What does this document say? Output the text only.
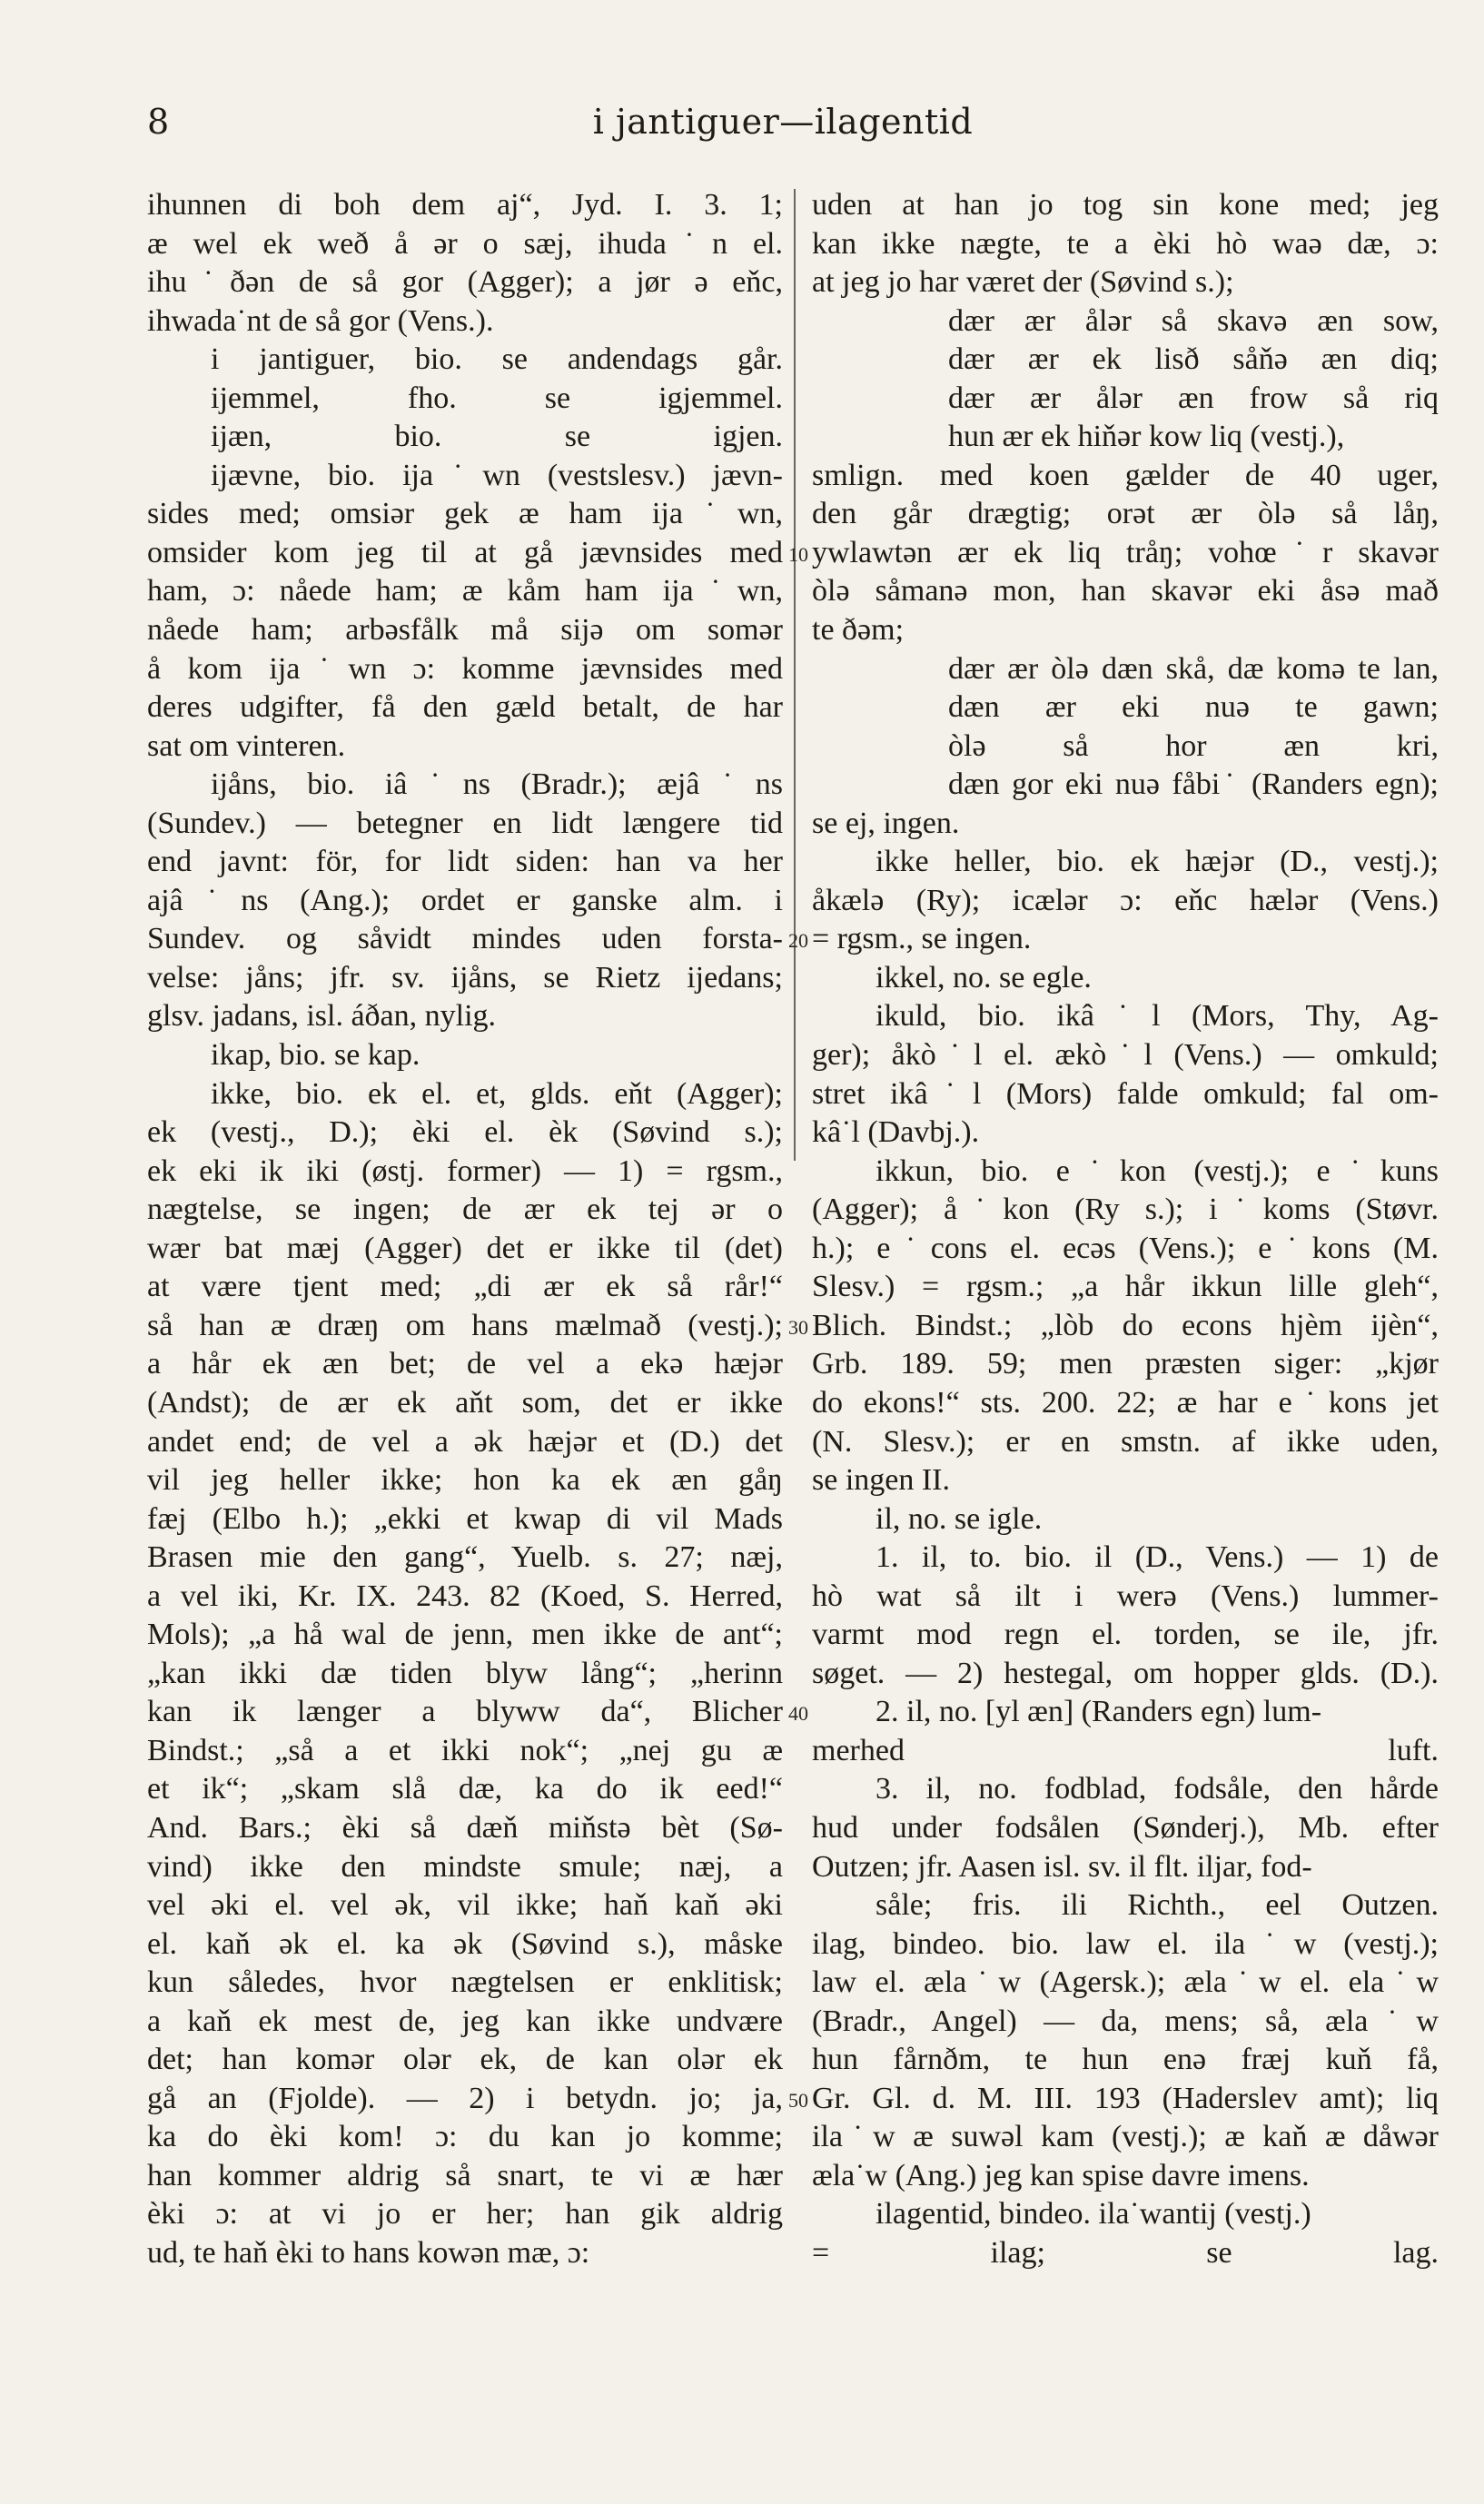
8	i jantiguer—ilagentid
ihunnen di boh dem aj“, Jyd. I. 3. 1;
æ wel ek weð å ər o sæj, ihuda˙n el.
ihu˙ðən de så gor (Agger); a jør ə eňc,
ihwada˙nt de så gor (Vens.).
i jantiguer, bio. se andendags går.
ijemmel, fho. se igjemmel.
ijæn, bio. se igjen.
ijævne, bio. ija˙wn (vestslesv.) jævn-
sides med; omsiər gek æ ham ija˙wn,
omsider kom jeg til at gå jævnsides med
ham, ɔ: nåede ham; æ kåm ham ija˙wn,
nåede ham; arbəsfålk må sijə om somər
å kom ija˙wn ɔ: komme jævnsides med
deres udgifter, få den gæld betalt, de har
sat om vinteren.
ijåns, bio. iâ˙ns (Bradr.); æjâ˙ns
(Sundev.) — betegner en lidt længere tid
end javnt: för, for lidt siden: han va her
ajâ˙ns (Ang.); ordet er ganske alm. i
Sundev. og såvidt mindes uden forsta-
velse: jåns; jfr. sv. ijåns, se Rietz ijedans;
glsv. jadans, isl. áðan, nylig.
ikap, bio. se kap.
ikke, bio. ek el. et, glds. eňt (Agger);
ek (vestj., D.); èki el. èk (Søvind s.);
ek eki ik iki (østj. former) — 1) = rgsm.,
nægtelse, se ingen; de ær ek tej ər o
wær bat mæj (Agger) det er ikke til (det)
at være tjent med; „di ær ek så rår!“
så han æ dræŋ om hans mælmað (vestj.);
a hår ek æn bet; de vel a ekə hæjər
(Andst); de ær ek aňt som, det er ikke
andet end; de vel a ək hæjər et (D.) det
vil jeg heller ikke; hon ka ek æn gåŋ
fæj (Elbo h.); „ekki et kwap di vil Mads
Brasen mie den gang“, Yuelb. s. 27; næj,
a vel iki, Kr. IX. 243. 82 (Koed, S. Herred,
Mols); „a hå wal de jenn, men ikke de ant“;
„kan ikki dæ tiden blyw lång“; „herinn
kan ik længer a blyww da“, Blicher
Bindst.; „så a et ikki nok“; „nej gu æ
et ik“; „skam slå dæ, ka do ik eed!“
And. Bars.; èki så dæň miňstə bèt (Sø-
vind) ikke den mindste smule; næj, a
vel əki el. vel ək, vil ikke; haň kaň əki
el. kaň ək el. ka ək (Søvind s.), måske
kun således, hvor nægtelsen er enklitisk;
a kaň ek mest de, jeg kan ikke undvære
det; han komər olər ek, de kan olər ek
gå an (Fjolde). — 2) i betydn. jo; ja,
ka do èki kom! ɔ: du kan jo komme;
han kommer aldrig så snart, te vi æ hær
èki ɔ: at vi jo er her; han gik aldrig
ud, te haň èki to hans kowən mæ, ɔ:
uden at han jo tog sin kone med; jeg
kan ikke nægte, te a èki hò waə dæ, ɔ:
at jeg jo har været der (Søvind s.);
dær ær ålər så skavə æn sow,
dær ær ek lisð såňə æn diq;
dær ær ålər æn frow så riq
hun ær ek hiňər kow liq (vestj.),
smlign. med koen gælder de 40 uger,
den går drægtig; orət ær òlə så låŋ,
ywlawtən ær ek liq tråŋ; vohœ˙r skavər
òlə såmanə mon, han skavər eki åsə mað
te ðəm;
dær ær òlə dæn skå, dæ komə te lan,
dæn ær eki nuə te gawn;
òlə så hor æn kri,
dæn gor eki nuə fåbi˙ (Randers egn);
se ej, ingen.
ikke heller, bio. ek hæjər (D., vestj.);
åkælə (Ry); icælər ɔ: eňc hælər (Vens.)
= rgsm., se ingen.
ikkel, no. se egle.
ikuld, bio. ikâ˙l (Mors, Thy, Ag-
ger); åkò˙l el. ækò˙l (Vens.) — omkuld;
stret ikâ˙l (Mors) falde omkuld; fal om-
kâ˙l (Davbj.).
ikkun, bio. e˙kon (vestj.); e˙kuns
(Agger); å˙kon (Ry s.); i˙koms (Støvr.
h.); e˙cons el. ecəs (Vens.); e˙kons (M.
Slesv.) = rgsm.; „a hår ikkun lille gleh“,
Blich. Bindst.; „lòb do econs hjèm ijèn“,
Grb. 189. 59; men præsten siger: „kjør
do ekons!“ sts. 200. 22; æ har e˙kons jet
(N. Slesv.); er en smstn. af ikke uden,
se ingen II.
il, no. se igle.
1. il, to. bio. il (D., Vens.) — 1) de
hò wat så ilt i werə (Vens.) lummer-
varmt mod regn el. torden, se ile, jfr.
søget. — 2) hestegal, om hopper glds. (D.).
2. il, no. [yl æn] (Randers egn) lum-
merhed luft.
3. il, no. fodblad, fodsåle, den hårde
hud under fodsålen (Sønderj.), Mb. efter
Outzen; jfr. Aasen isl. sv. il flt. iljar, fod-
såle; fris. ili Richth., eel Outzen.
ilag, bindeo. bio. law el. ila˙w (vestj.);
law el. æla˙w (Agersk.); æla˙w el. ela˙w
(Bradr., Angel) — da, mens; så, æla˙w
hun fårnðm, te hun enə fræj kuň få,
Gr. Gl. d. M. III. 193 (Haderslev amt); liq
ila˙w æ suwəl kam (vestj.); æ kaň æ dåwər
æla˙w (Ang.) jeg kan spise davre imens.
ilagentid, bindeo. ila˙wantij (vestj.)
= ilag; se lag.
10
20
30
40
50
